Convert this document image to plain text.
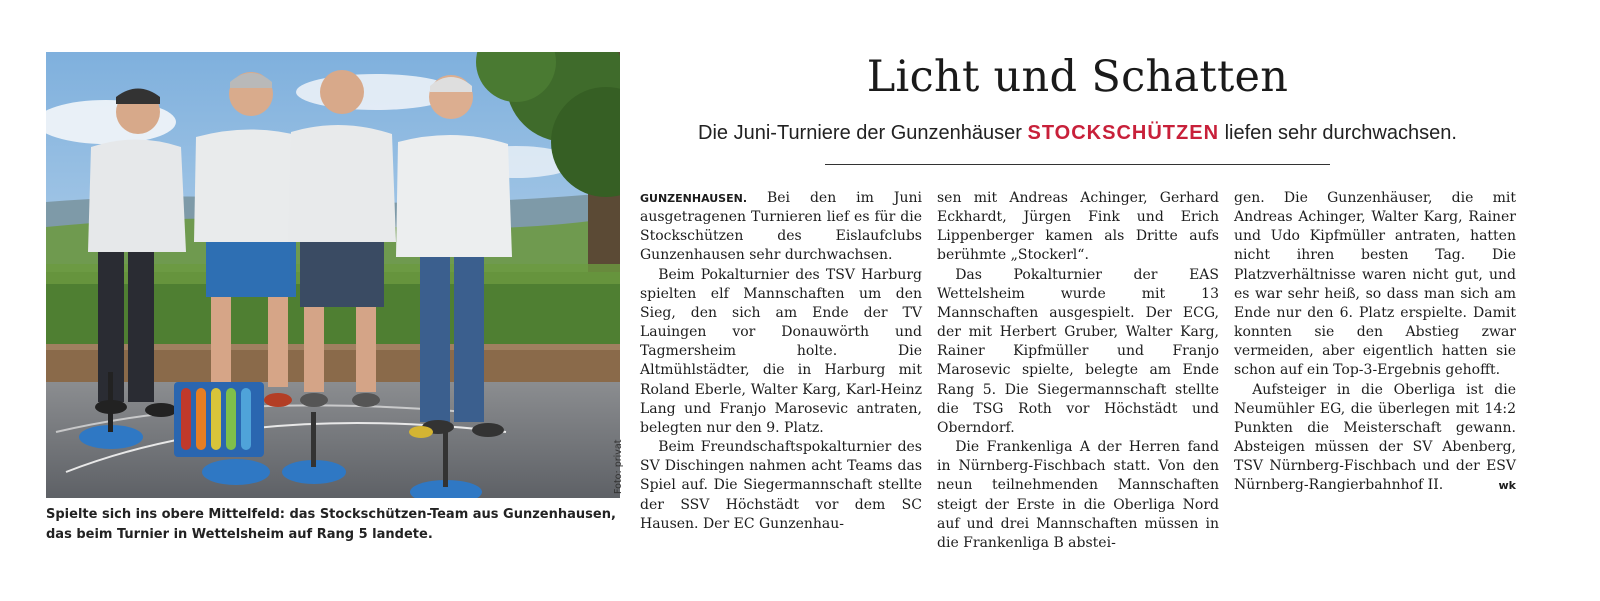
Foto: privat
Spielte sich ins obere Mittelfeld: das Stockschützen-Team aus Gunzenhausen, das beim Turnier in Wettelsheim auf Rang 5 landete.
Licht und Schatten
Die Juni-Turniere der Gunzenhäuser STOCKSCHÜTZEN liefen sehr durchwachsen.

GUNZENHAUSEN. Bei den im Juni ausgetragenen Turnieren lief es für die Stockschützen des Eislaufclubs Gunzenhausen sehr durchwachsen.

Beim Pokalturnier des TSV Harburg spielten elf Mannschaften um den Sieg, den sich am Ende der TV Lauingen vor Donauwörth und Tagmersheim holte. Die Altmühlstädter, die in Harburg mit Roland Eberle, Walter Karg, Karl-Heinz Lang und Franjo Marosevic antraten, belegten nur den 9. Platz.

Beim Freundschaftspokalturnier des SV Dischingen nahmen acht Teams das Spiel auf. Die Siegermannschaft stellte der SSV Höchstädt vor dem SC Hausen. Der EC Gunzenhau-

sen mit Andreas Achinger, Gerhard Eckhardt, Jürgen Fink und Erich Lippenberger kamen als Dritte aufs berühmte „Stockerl“.

Das Pokalturnier der EAS Wettelsheim wurde mit 13 Mannschaften ausgespielt. Der ECG, der mit Herbert Gruber, Walter Karg, Rainer Kipfmüller und Franjo Marosevic spielte, belegte am Ende Rang 5. Die Siegermannschaft stellte die TSG Roth vor Höchstädt und Oberndorf.

Die Frankenliga A der Herren fand in Nürnberg-Fischbach statt. Von den neun teilnehmenden Mannschaften steigt der Erste in die Oberliga Nord auf und drei Mannschaften müssen in die Frankenliga B abstei-

gen. Die Gunzenhäuser, die mit Andreas Achinger, Walter Karg, Rainer und Udo Kipfmüller antraten, hatten nicht ihren besten Tag. Die Platzverhältnisse waren nicht gut, und es war sehr heiß, so dass man sich am Ende nur den 6. Platz erspielte. Damit konnten sie den Abstieg zwar vermeiden, aber eigentlich hatten sie schon auf ein Top-3-Ergebnis gehofft.

Aufsteiger in die Oberliga ist die Neumühler EG, die überlegen mit 14:2 Punkten die Meisterschaft gewann. Absteigen müssen der SV Abenberg, TSV Nürnberg-Fischbach und der ESV Nürnberg-Rangierbahnhof II.	wk
